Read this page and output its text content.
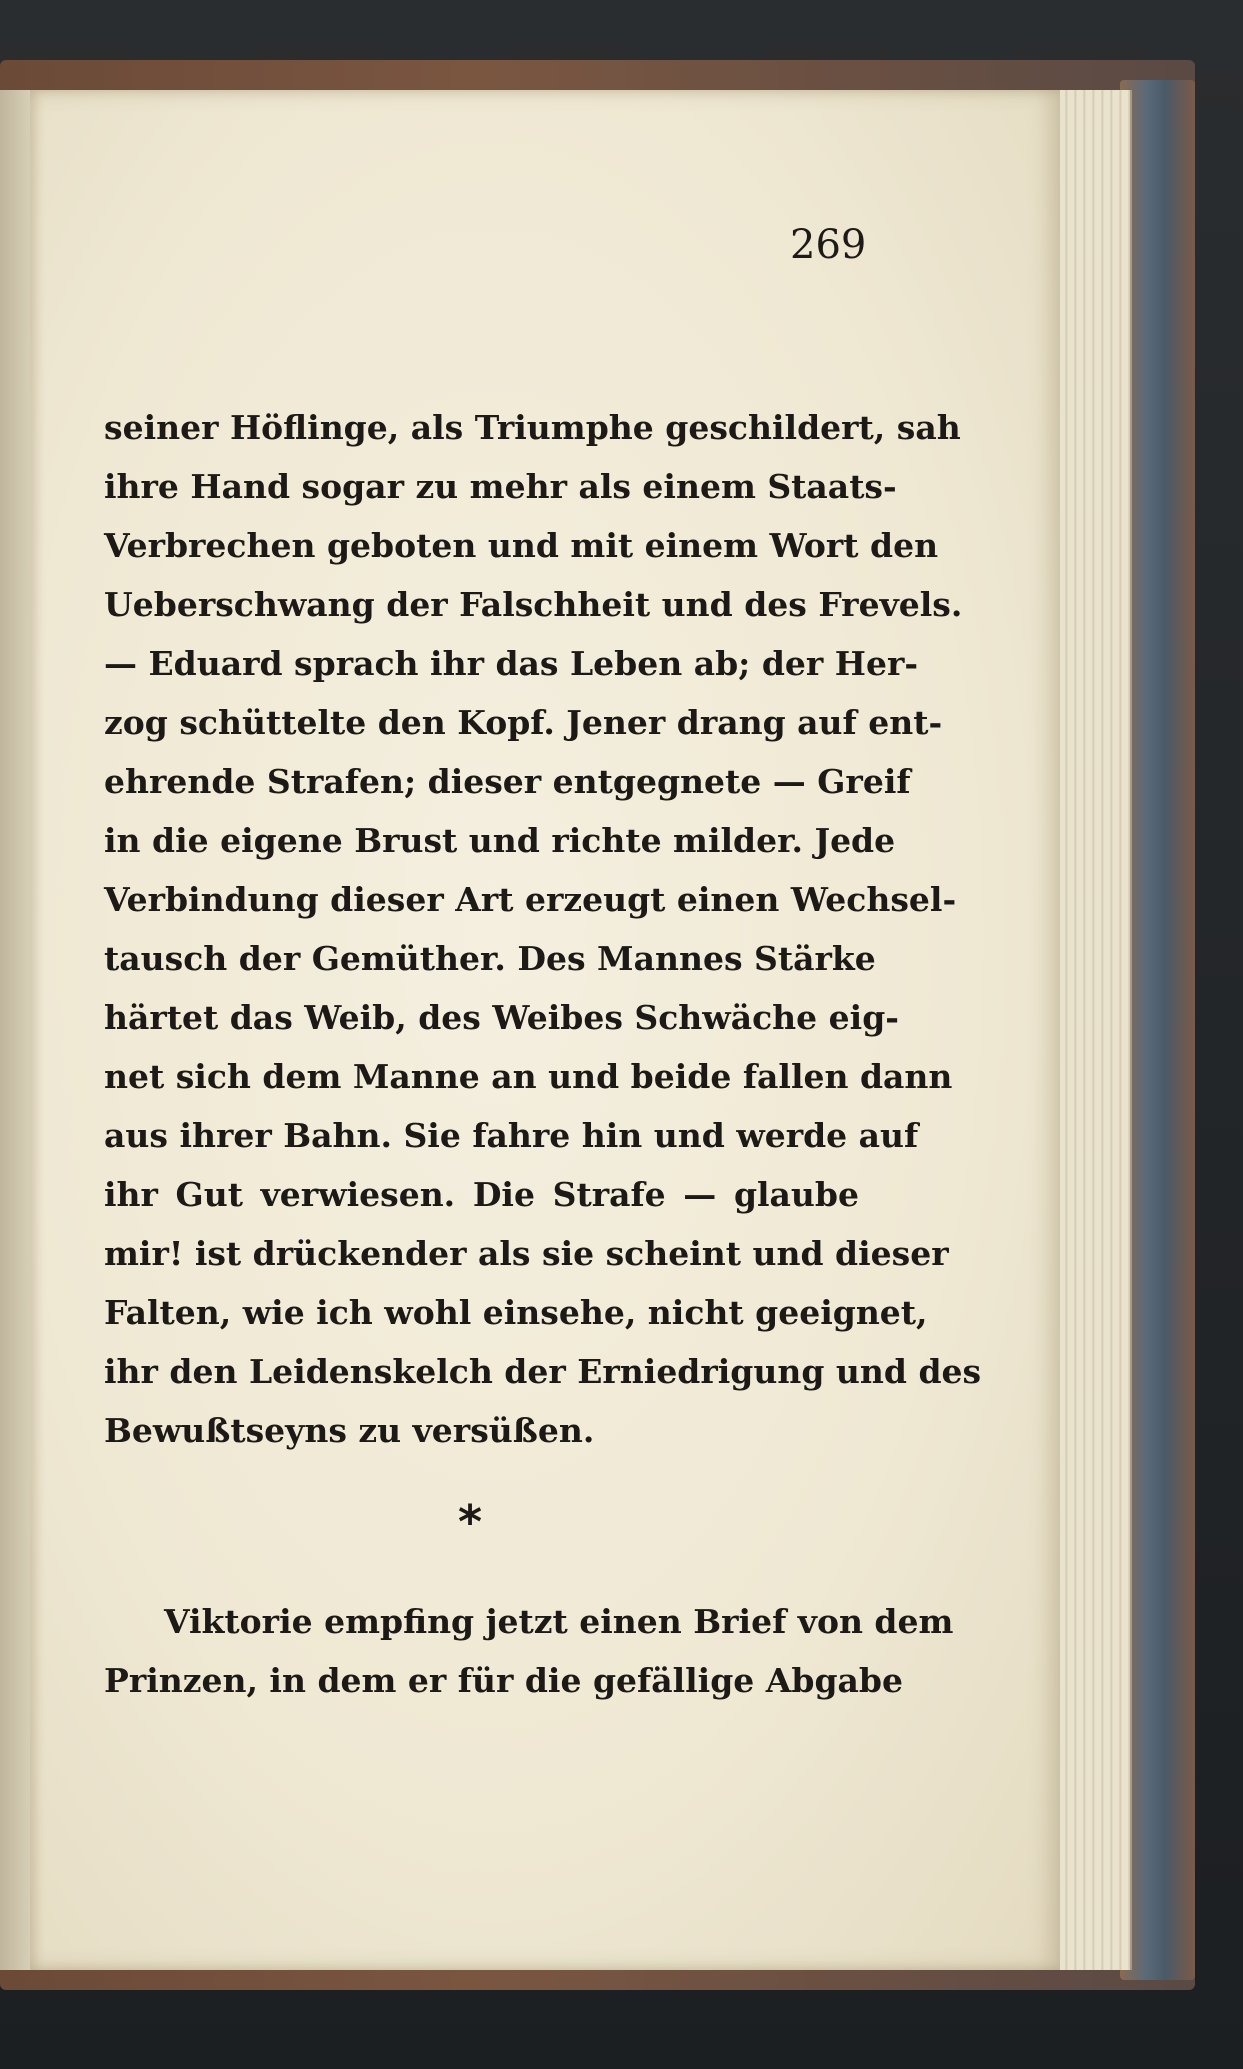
269
seiner Höflinge, als Triumphe geschildert, sah
ihre Hand sogar zu mehr als einem Staats-
Verbrechen geboten und mit einem Wort den
Ueberschwang der Falschheit und des Frevels.
— Eduard sprach ihr das Leben ab; der Her-
zog schüttelte den Kopf. Jener drang auf ent-
ehrende Strafen; dieser entgegnete — Greif
in die eigene Brust und richte milder. Jede
Verbindung dieser Art erzeugt einen Wechsel-
tausch der Gemüther. Des Mannes Stärke
härtet das Weib, des Weibes Schwäche eig-
net sich dem Manne an und beide fallen dann
aus ihrer Bahn. Sie fahre hin und werde auf
ihr Gut verwiesen. Die Strafe — glaube
mir! ist drückender als sie scheint und dieser
Falten, wie ich wohl einsehe, nicht geeignet,
ihr den Leidenskelch der Erniedrigung und des
Bewußtseyns zu versüßen.
*
Viktorie empfing jetzt einen Brief von dem
Prinzen, in dem er für die gefällige Abgabe
